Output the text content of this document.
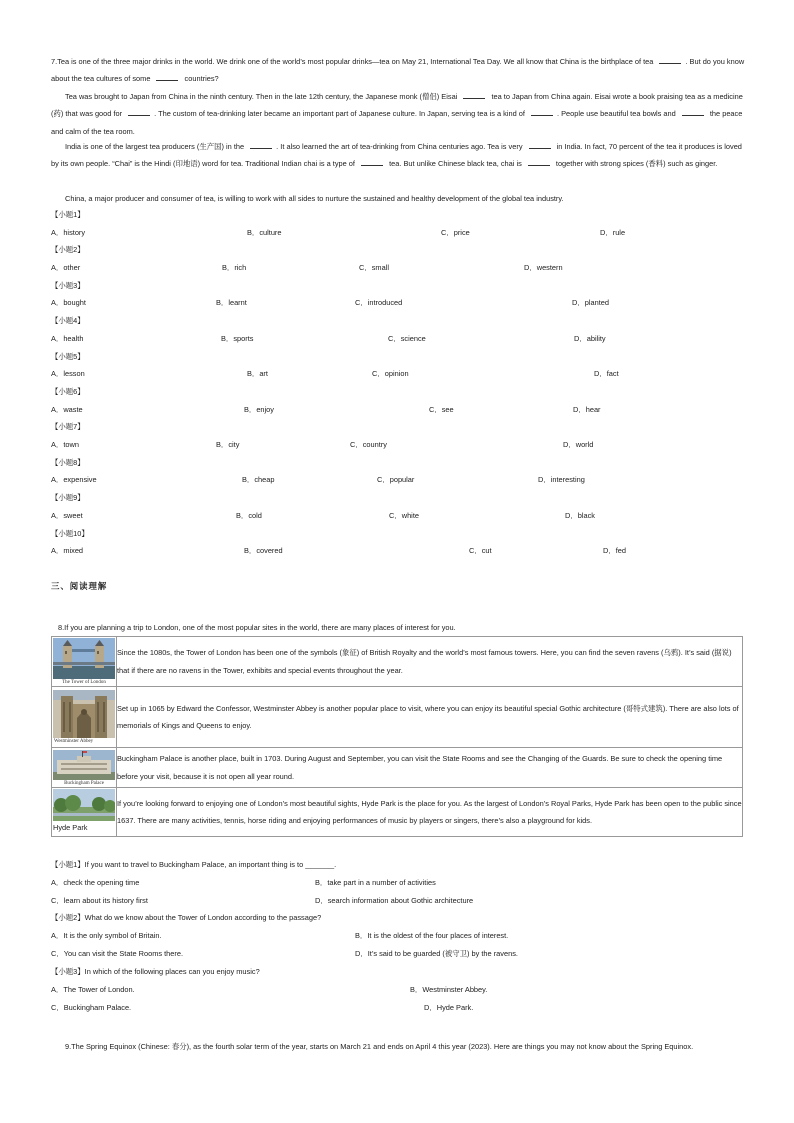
7.Tea is one of the three major drinks in the world. We drink one of the world’s most popular drinks—tea on May 21, International Tea Day. We all know that China is the birthplace of tea	. But do you know about the tea cultures of some	countries?

Tea was brought to Japan from China in the ninth century. Then in the late 12th century, the Japanese monk (僧侣) Eisai	tea to Japan from China again. Eisai wrote a book praising tea as a medicine (药) that was good for	. The custom of tea-drinking later became an important part of Japanese culture. In Japan, serving tea is a kind of	. People use beautiful tea bowls and	the peace and calm of the tea room.

India is one of the largest tea producers (生产国) in the	. It also learned the art of tea-drinking from China centuries ago. Tea is very	in India. In fact, 70 percent of the tea it produces is loved by its own people. “Chai” is the Hindi (印地语) word for tea. Traditional Indian chai is a type of	tea. But unlike Chinese black tea, chai is	together with strong spices (香料) such as ginger.

China, a major producer and consumer of tea, is willing to work with all sides to nurture the sustained and healthy development of the global tea industry.

【小题1】
A．history	B．culture	C．price	D．rule
【小题2】
A．other	B．rich	C．small	D．western
【小题3】
A．bought	B．learnt	C．introduced	D．planted
【小题4】
A．health	B．sports	C．science	D．ability
【小题5】
A．lesson	B．art	C．opinion	D．fact
【小题6】
A．waste	B．enjoy	C．see	D．hear
【小题7】
A．town	B．city	C．country	D．world
【小题8】
A．expensive	B．cheap	C．popular	D．interesting
【小题9】
A．sweet	B．cold	C．white	D．black
【小题10】
A．mixed	B．covered	C．cut	D．fed
三、阅读理解
8.If you are planning a trip to London, one of the most popular sites in the world, there are many places of interest for you.
The Tower of London	Since the 1080s, the Tower of London has been one of the symbols (象征) of British Royalty and the world’s most famous towers. Here, you can find the seven ravens (乌鸦). It’s said (据说) that if there are no ravens in the Tower, exhibits and special events throughout the year.

Westminster Abbey	Set up in 1065 by Edward the Confessor, Westminster Abbey is another popular place to visit, where you can enjoy its beautiful special Gothic architecture (哥特式建筑). There are also lots of memorials of Kings and Queens to enjoy.

Buckingham Palace	Buckingham Palace is another place, built in 1703. During August and September, you can visit the State Rooms and see the Changing of the Guards. Be sure to check the opening time before your visit, because it is not open all year round.

Hyde Park	If you’re looking forward to enjoying one of London’s most beautiful sights, Hyde Park is the place for you. As the largest of London’s Royal Parks, Hyde Park has been open to the public since 1637. There are many activities, tennis, horse riding and enjoying performances of music by players or singers, there’s also a playground for kids.
【小题1】If you want to travel to Buckingham Palace, an important thing is to _______.
A．check the opening time	B．take part in a number of activities
C．learn about its history first	D．search information about Gothic architecture
【小题2】What do we know about the Tower of London according to the passage?
A．It is the only symbol of Britain.	B．It is the oldest of the four places of interest.
C．You can visit the State Rooms there.	D．It’s said to be guarded (被守卫) by the ravens.
【小题3】In which of the following places can you enjoy music?
A．The Tower of London.	B．Westminster Abbey.
C．Buckingham Palace.	D．Hyde Park.

9.The Spring Equinox (Chinese: 春分), as the fourth solar term of the year, starts on March 21 and ends on April 4 this year (2023). Here are things you may not know about the Spring Equinox.
